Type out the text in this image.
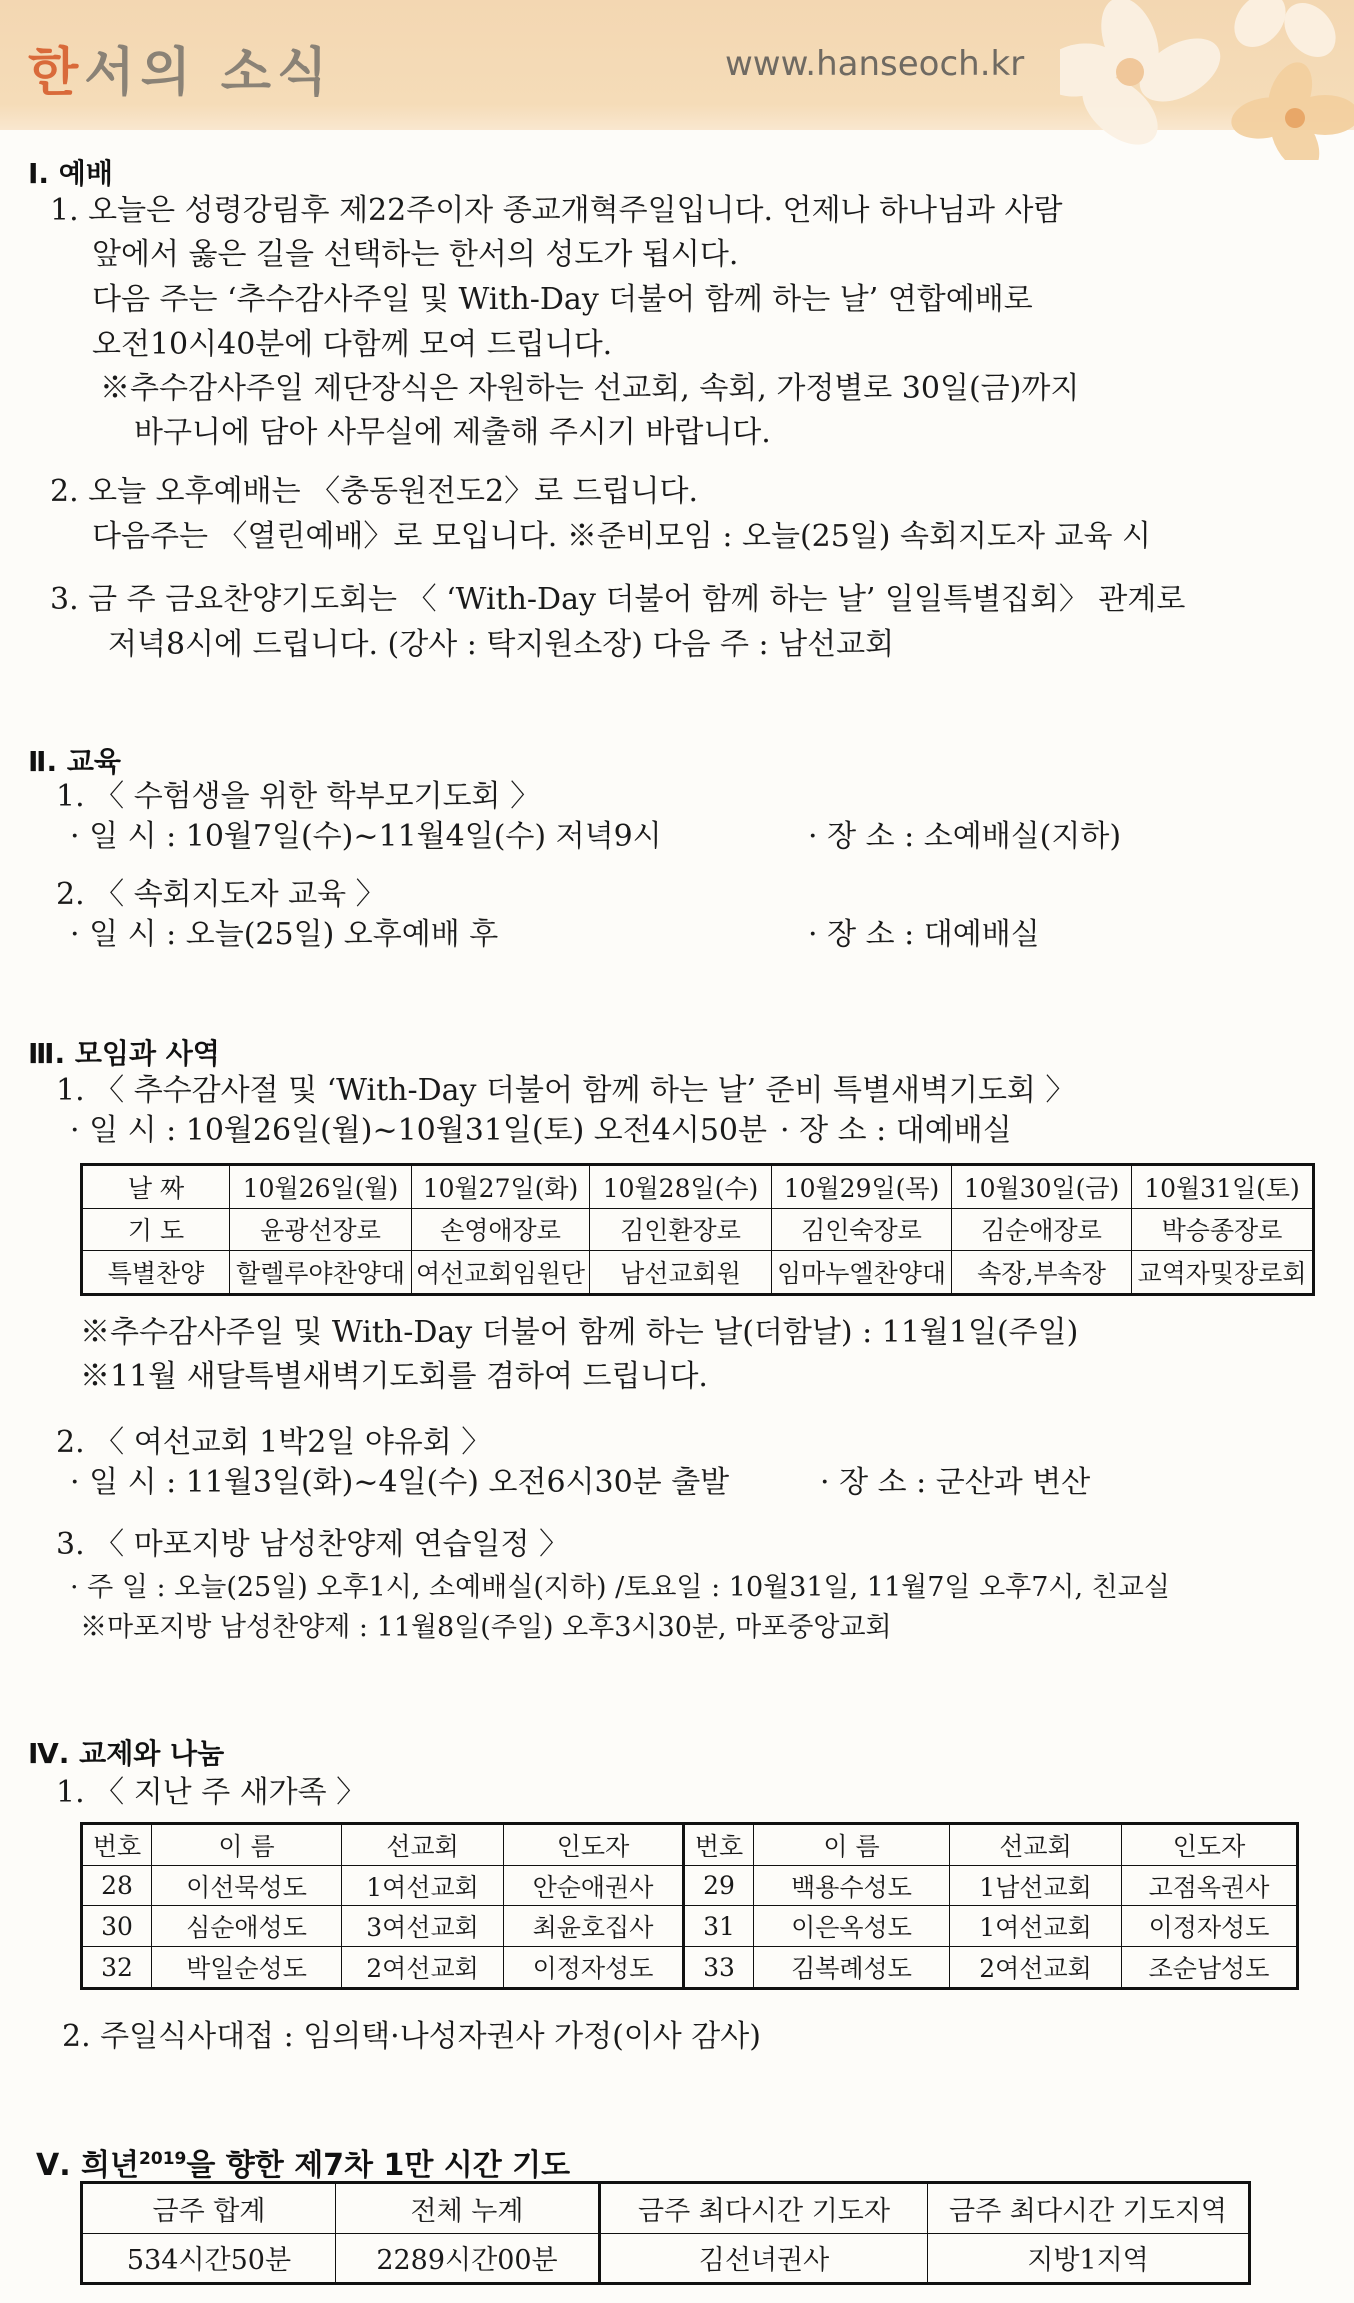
한서의 소식	www.hanseoch.kr
Ⅰ. 예배
1. 오늘은 성령강림후 제22주이자 종교개혁주일입니다. 언제나 하나님과 사람
앞에서 옳은 길을 선택하는 한서의 성도가 됩시다.
다음 주는 ‘추수감사주일 및 With-Day 더불어 함께 하는 날’ 연합예배로
오전10시40분에 다함께 모여 드립니다.
※추수감사주일 제단장식은 자원하는 선교회, 속회, 가정별로 30일(금)까지
바구니에 담아 사무실에 제출해 주시기 바랍니다.
2. 오늘 오후예배는 〈충동원전도2〉로 드립니다.
다음주는 〈열린예배〉로 모입니다. ※준비모임 : 오늘(25일) 속회지도자 교육 시
3. 금 주 금요찬양기도회는 〈 ‘With-Day 더불어 함께 하는 날’ 일일특별집회〉 관계로
저녁8시에 드립니다. (강사 : 탁지원소장) 다음 주 : 남선교회
Ⅱ. 교육
1. 〈 수험생을 위한 학부모기도회 〉
· 일 시 : 10월7일(수)~11월4일(수) 저녁9시	· 장 소 : 소예배실(지하)
2. 〈 속회지도자 교육 〉
· 일 시 : 오늘(25일) 오후예배 후	· 장 소 : 대예배실
Ⅲ. 모임과 사역
1. 〈 추수감사절 및 ‘With-Day 더불어 함께 하는 날’ 준비 특별새벽기도회 〉
· 일 시 : 10월26일(월)~10월31일(토) 오전4시50분 · 장 소 : 대예배실
날 짜	10월26일(월)	10월27일(화)	10월28일(수)	10월29일(목)	10월30일(금)	10월31일(토)
기 도	윤광선장로	손영애장로	김인환장로	김인숙장로	김순애장로	박승종장로
특별찬양	할렐루야찬양대	여선교회임원단	남선교회원	임마누엘찬양대	속장,부속장	교역자및장로회
※추수감사주일 및 With-Day 더불어 함께 하는 날(더함날) : 11월1일(주일)
※11월 새달특별새벽기도회를 겸하여 드립니다.
2. 〈 여선교회 1박2일 야유회 〉
· 일 시 : 11월3일(화)~4일(수) 오전6시30분 출발	· 장 소 : 군산과 변산
3. 〈 마포지방 남성찬양제 연습일정 〉
· 주 일 : 오늘(25일) 오후1시, 소예배실(지하) /토요일 : 10월31일, 11월7일 오후7시, 친교실
※마포지방 남성찬양제 : 11월8일(주일) 오후3시30분, 마포중앙교회
Ⅳ. 교제와 나눔
1. 〈 지난 주 새가족 〉
번호	이 름	선교회	인도자	번호	이 름	선교회	인도자
28	이선묵성도	1여선교회	안순애권사	29	백용수성도	1남선교회	고점옥권사
30	심순애성도	3여선교회	최윤호집사	31	이은옥성도	1여선교회	이정자성도
32	박일순성도	2여선교회	이정자성도	33	김복례성도	2여선교회	조순남성도
2. 주일식사대접 : 임의택·나성자권사 가정(이사 감사)
Ⅴ. 희년$^{2019}$을 향한 제7차 1만 시간 기도
금주 합계	전체 누계	금주 최다시간 기도자	금주 최다시간 기도지역
534시간50분	2289시간00분	김선녀권사	지방1지역
